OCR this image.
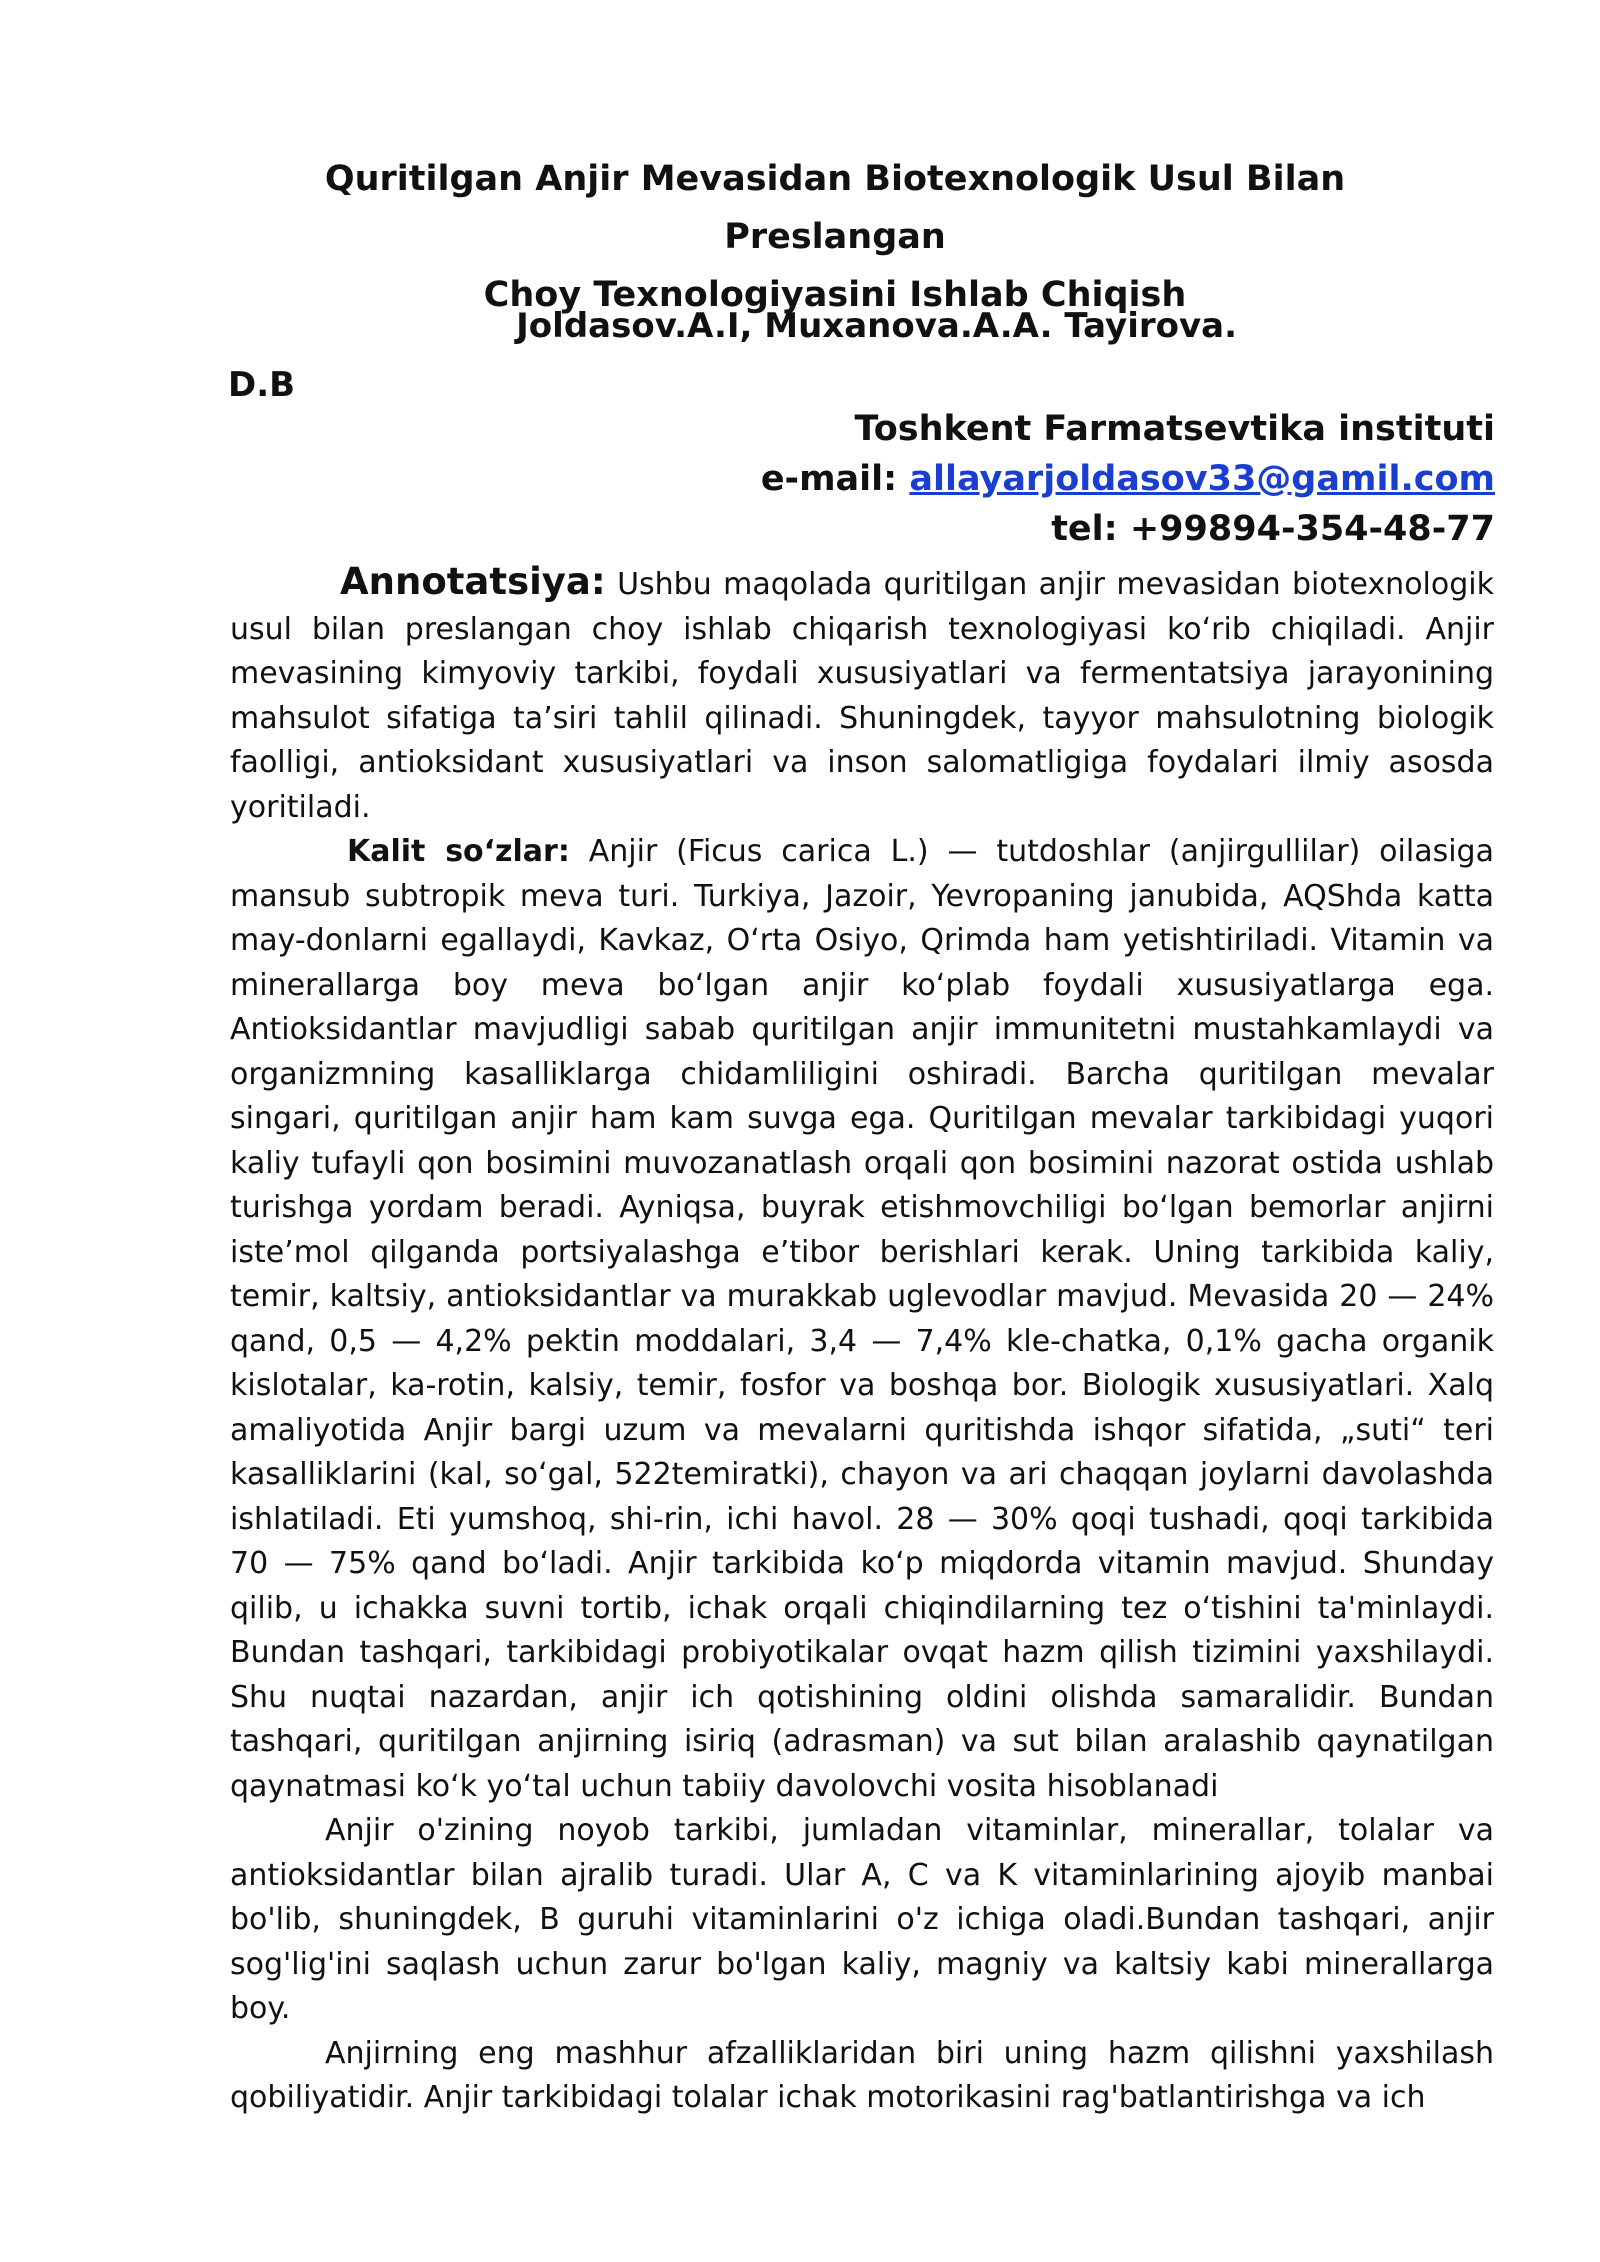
Quritilgan Anjir Mevasidan Biotexnologik Usul Bilan Preslangan
Choy Texnologiyasini Ishlab Chiqish
Joldasov.A.I, Muxanova.A.A. Tayirova.
D.B
Toshkent Farmatsevtika instituti
e-mail: allayarjoldasov33@gamil.com
tel: +99894-354-48-77

Annotatsiya: Ushbu maqolada quritilgan anjir mevasidan biotexnologik usul bilan preslangan choy ishlab chiqarish texnologiyasi koʻrib chiqiladi. Anjir mevasining kimyoviy tarkibi, foydali xususiyatlari va fermentatsiya jarayonining mahsulot sifatiga taʼsiri tahlil qilinadi. Shuningdek, tayyor mahsulotning biologik faolligi, antioksidant xususiyatlari va inson salomatligiga foydalari ilmiy asosda yoritiladi.

Kalit soʻzlar: Anjir (Ficus carica L.) — tutdoshlar (anjirgullilar) oilasiga mansub subtropik meva turi. Turkiya, Jazoir, Yevropaning janubida, AQShda katta may-donlarni egallaydi, Kavkaz, Oʻrta Osiyo, Qrimda ham yetishtiriladi. Vitamin va minerallarga boy meva boʻlgan anjir koʻplab foydali xususiyatlarga ega. Antioksidantlar mavjudligi sabab quritilgan anjir immunitetni mustahkamlaydi va organizmning kasalliklarga chidamliligini oshiradi. Barcha quritilgan mevalar singari, quritilgan anjir ham kam suvga ega. Quritilgan mevalar tarkibidagi yuqori kaliy tufayli qon bosimini muvozanatlash orqali qon bosimini nazorat ostida ushlab turishga yordam beradi. Ayniqsa, buyrak etishmovchiligi boʻlgan bemorlar anjirni isteʼmol qilganda portsiyalashga eʼtibor berishlari kerak. Uning tarkibida kaliy, temir, kaltsiy, antioksidantlar va murakkab uglevodlar mavjud. Mevasida 20 — 24% qand, 0,5 — 4,2% pektin moddalari, 3,4 — 7,4% kle-chatka, 0,1% gacha organik kislotalar, ka-rotin, kalsiy, temir, fosfor va boshqa bor. Biologik xususiyatlari. Xalq amaliyotida Anjir bargi uzum va mevalarni quritishda ishqor sifatida, „suti“ teri kasalliklarini (kal, soʻgal, 522temiratki), chayon va ari chaqqan joylarni davolashda ishlatiladi. Eti yumshoq, shi-rin, ichi havol. 28 — 30% qoqi tushadi, qoqi tarkibida 70 — 75% qand boʻladi. Anjir tarkibida koʻp miqdorda vitamin mavjud. Shunday qilib, u ichakka suvni tortib, ichak orqali chiqindilarning tez oʻtishini ta'minlaydi. Bundan tashqari, tarkibidagi probiyotikalar ovqat hazm qilish tizimini yaxshilaydi. Shu nuqtai nazardan, anjir ich qotishining oldini olishda samaralidir. Bundan tashqari, quritilgan anjirning isiriq (adrasman) va sut bilan aralashib qaynatilgan qaynatmasi koʻk yoʻtal uchun tabiiy davolovchi vosita hisoblanadi

Anjir o'zining noyob tarkibi, jumladan vitaminlar, minerallar, tolalar va antioksidantlar bilan ajralib turadi. Ular A, C va K vitaminlarining ajoyib manbai bo'lib, shuningdek, B guruhi vitaminlarini o'z ichiga oladi.Bundan tashqari, anjir sog'lig'ini saqlash uchun zarur bo'lgan kaliy, magniy va kaltsiy kabi minerallarga boy.

Anjirning eng mashhur afzalliklaridan biri uning hazm qilishni yaxshilash qobiliyatidir. Anjir tarkibidagi tolalar ichak motorikasini rag'batlantirishga va ich
